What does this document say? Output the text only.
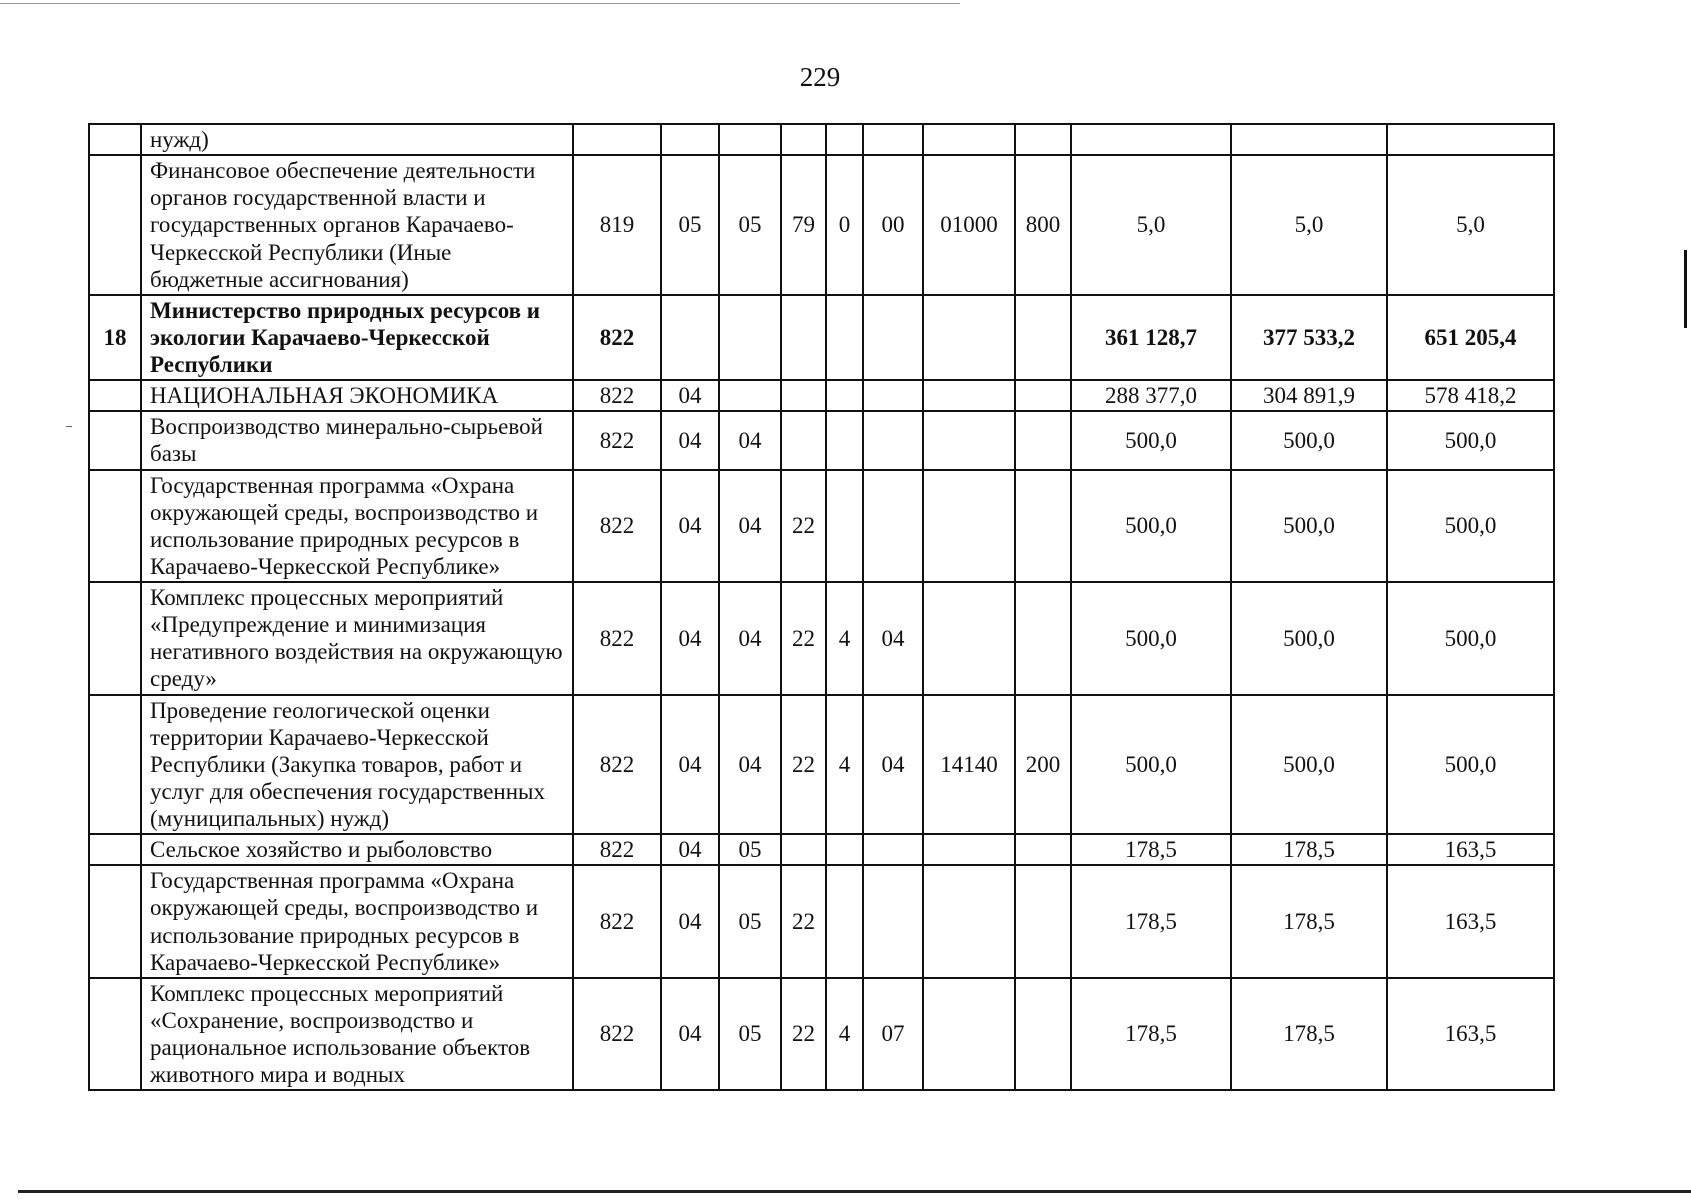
229
	нужд)											
	Финансовое обеспечение деятельности органов государственной власти и государственных органов Карачаево-Черкесской Республики (Иные бюджетные ассигнования)	819	05	05	79	0	00	01000	800	5,0	5,0	5,0
18	Министерство природных ресурсов и экологии Карачаево-Черкесской Республики	822								361 128,7	377 533,2	651 205,4
	НАЦИОНАЛЬНАЯ ЭКОНОМИКА	822	04							288 377,0	304 891,9	578 418,2
	Воспроизводство минерально-сырьевой базы	822	04	04						500,0	500,0	500,0
	Государственная программа «Охрана окружающей среды, воспроизводство и использование природных ресурсов в Карачаево-Черкесской Республике»	822	04	04	22					500,0	500,0	500,0
	Комплекс процессных мероприятий «Предупреждение и минимизация негативного воздействия на окружающую среду»	822	04	04	22	4	04			500,0	500,0	500,0
	Проведение геологической оценки территории Карачаево-Черкесской Республики (Закупка товаров, работ и услуг для обеспечения государственных (муниципальных) нужд)	822	04	04	22	4	04	14140	200	500,0	500,0	500,0
	Сельское хозяйство и рыболовство	822	04	05						178,5	178,5	163,5
	Государственная программа «Охрана окружающей среды, воспроизводство и использование природных ресурсов в Карачаево-Черкесской Республике»	822	04	05	22					178,5	178,5	163,5
	Комплекс процессных мероприятий «Сохранение, воспроизводство и рациональное использование объектов животного мира и водных	822	04	05	22	4	07			178,5	178,5	163,5
